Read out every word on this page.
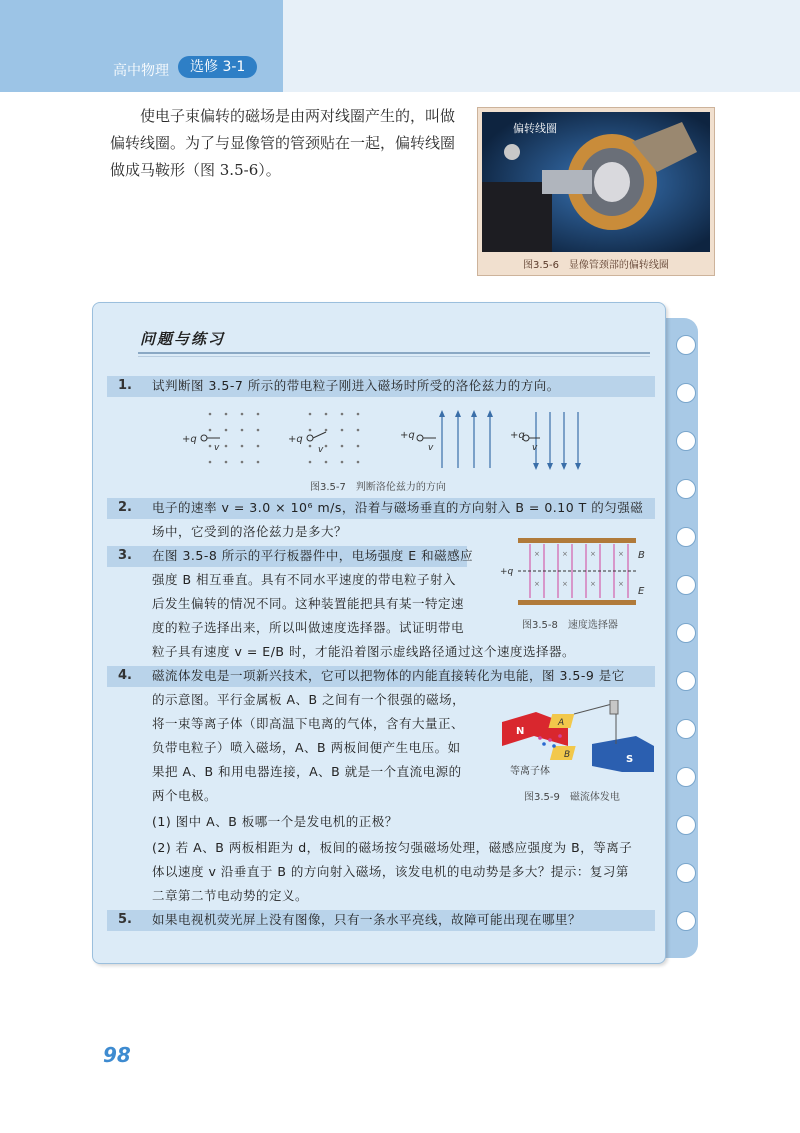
高中物理	选修 3-1
使电子束偏转的磁场是由两对线圈产生的，叫做偏转线圈。为了与显像管的管颈贴在一起，偏转线圈做成马鞍形（图 3.5-6）。
偏转线圈
图3.5-6　显像管颈部的偏转线圈
问题与练习
1. 试判断图 3.5-7 所示的带电粒子刚进入磁场时所受的洛伦兹力的方向。
+q
v
+q
v
+q
v
+q
v
图3.5-7　判断洛伦兹力的方向
2. 电子的速率 v = 3.0 × 10⁶ m/s，沿着与磁场垂直的方向射入 B = 0.10 T 的匀强磁
场中，它受到的洛伦兹力是多大？
3. 在图 3.5-8 所示的平行板器件中，电场强度 E 和磁感应
强度 B 相互垂直。具有不同水平速度的带电粒子射入
后发生偏转的情况不同。这种装置能把具有某一特定速
度的粒子选择出来，所以叫做速度选择器。试证明带电
粒子具有速度 v = E/B 时，才能沿着图示虚线路径通过这个速度选择器。
×	×	×	×
×	×	×	×
+q
B
E
图3.5-8　速度选择器
4. 磁流体发电是一项新兴技术，它可以把物体的内能直接转化为电能，图 3.5-9 是它
的示意图。平行金属板 A、B 之间有一个很强的磁场，
将一束等离子体（即高温下电离的气体，含有大量正、
负带电粒子）喷入磁场，A、B 两板间便产生电压。如
果把 A、B 和用电器连接，A、B 就是一个直流电源的
两个电极。
N
S
A
B
等离子体
图3.5-9　磁流体发电
(1) 图中 A、B 板哪一个是发电机的正极？
(2) 若 A、B 两板相距为 d，板间的磁场按匀强磁场处理，磁感应强度为 B，等离子
体以速度 v 沿垂直于 B 的方向射入磁场，该发电机的电动势是多大？提示：复习第
二章第二节电动势的定义。
5. 如果电视机荧光屏上没有图像，只有一条水平亮线，故障可能出现在哪里？
98
